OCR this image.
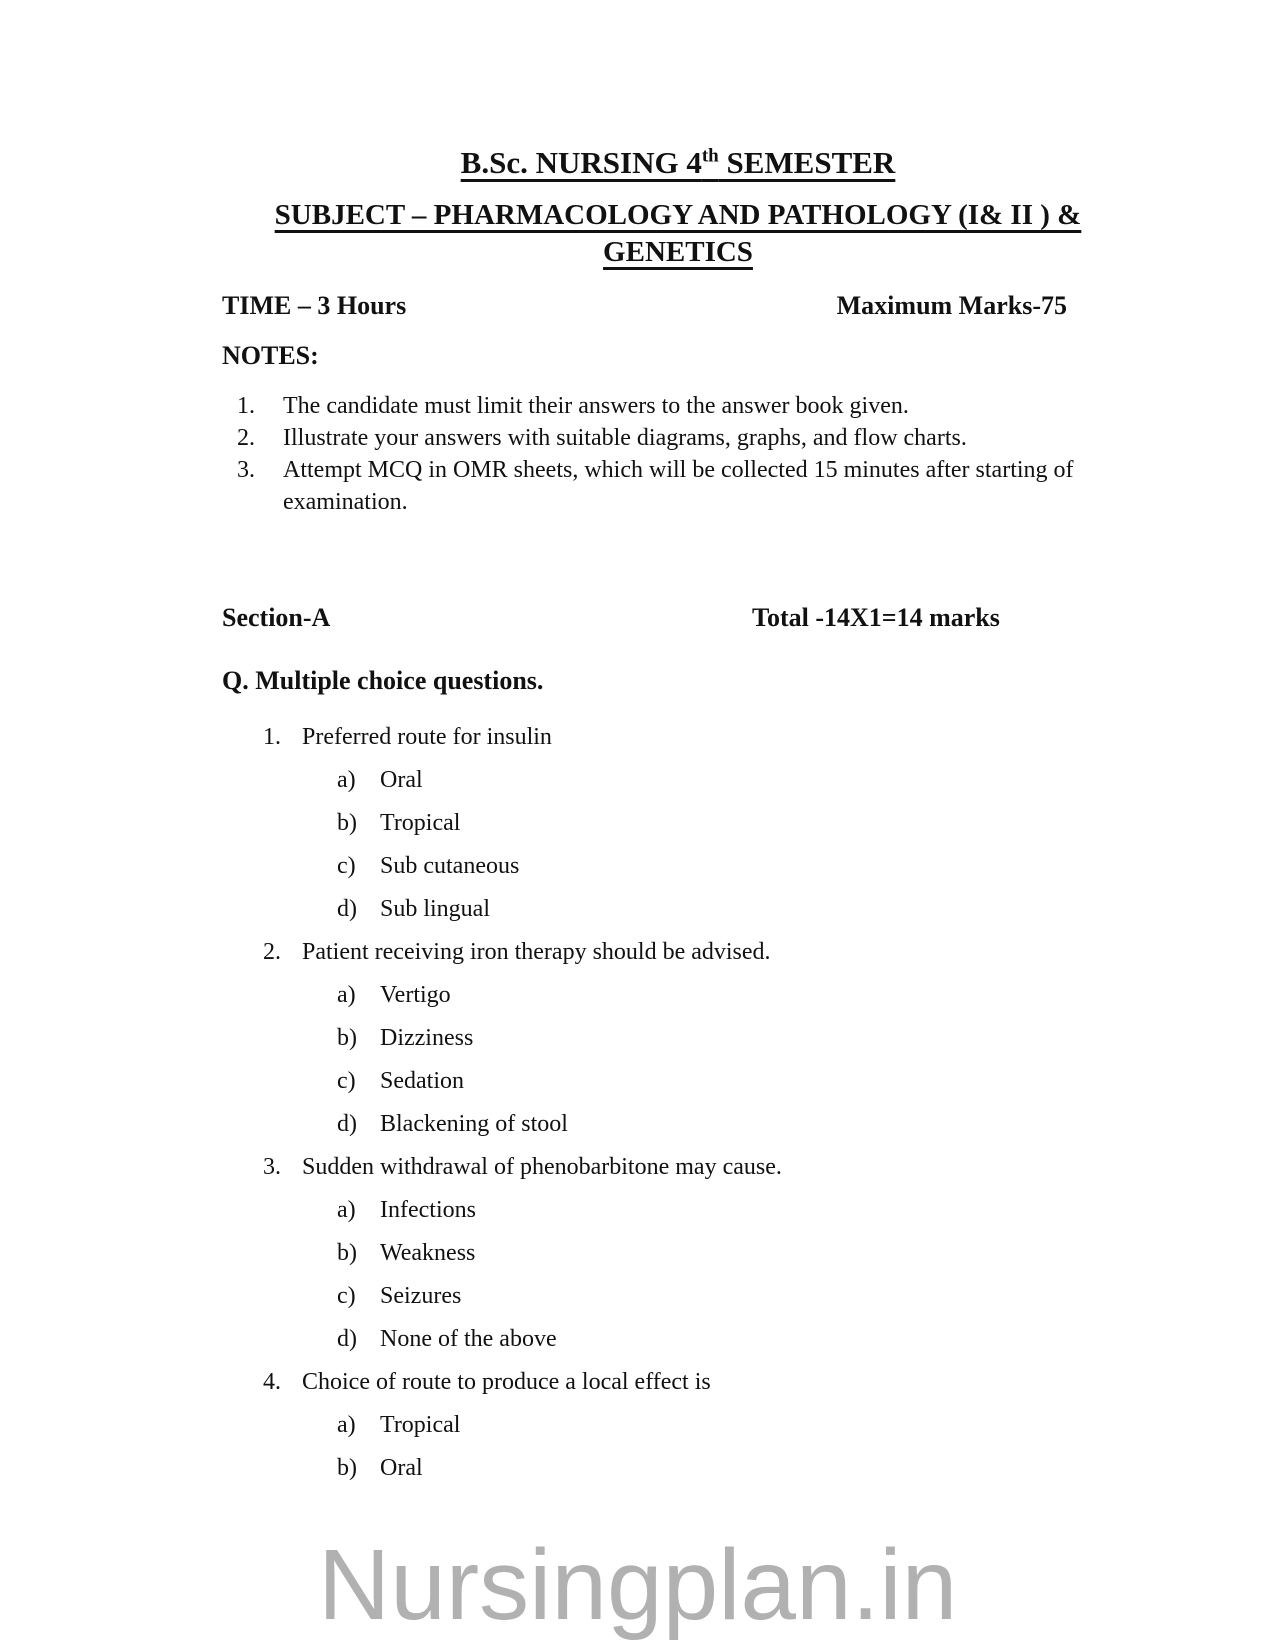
B.Sc. NURSING 4th SEMESTER
SUBJECT – PHARMACOLOGY AND PATHOLOGY (I& II ) &
GENETICS
TIME – 3 Hours	Maximum Marks-75
NOTES:
1.	The candidate must limit their answers to the answer book given.
2.	Illustrate your answers with suitable diagrams, graphs, and flow charts.
3.	Attempt MCQ in OMR sheets, which will be collected 15 minutes after starting of examination.
Section-A	Total -14X1=14 marks
Q. Multiple choice questions.
1. Preferred route for insulin
a)	Oral
b) Tropical
c)	Sub cutaneous
d) Sub lingual
2. Patient receiving iron therapy should be advised.
a)	Vertigo
b) Dizziness
c)	Sedation
d) Blackening of stool
3. Sudden withdrawal of phenobarbitone may cause.
a)	Infections
b) Weakness
c)	Seizures
d) None of the above
4. Choice of route to produce a local effect is
a)	Tropical
b) Oral
Nursingplan.in
